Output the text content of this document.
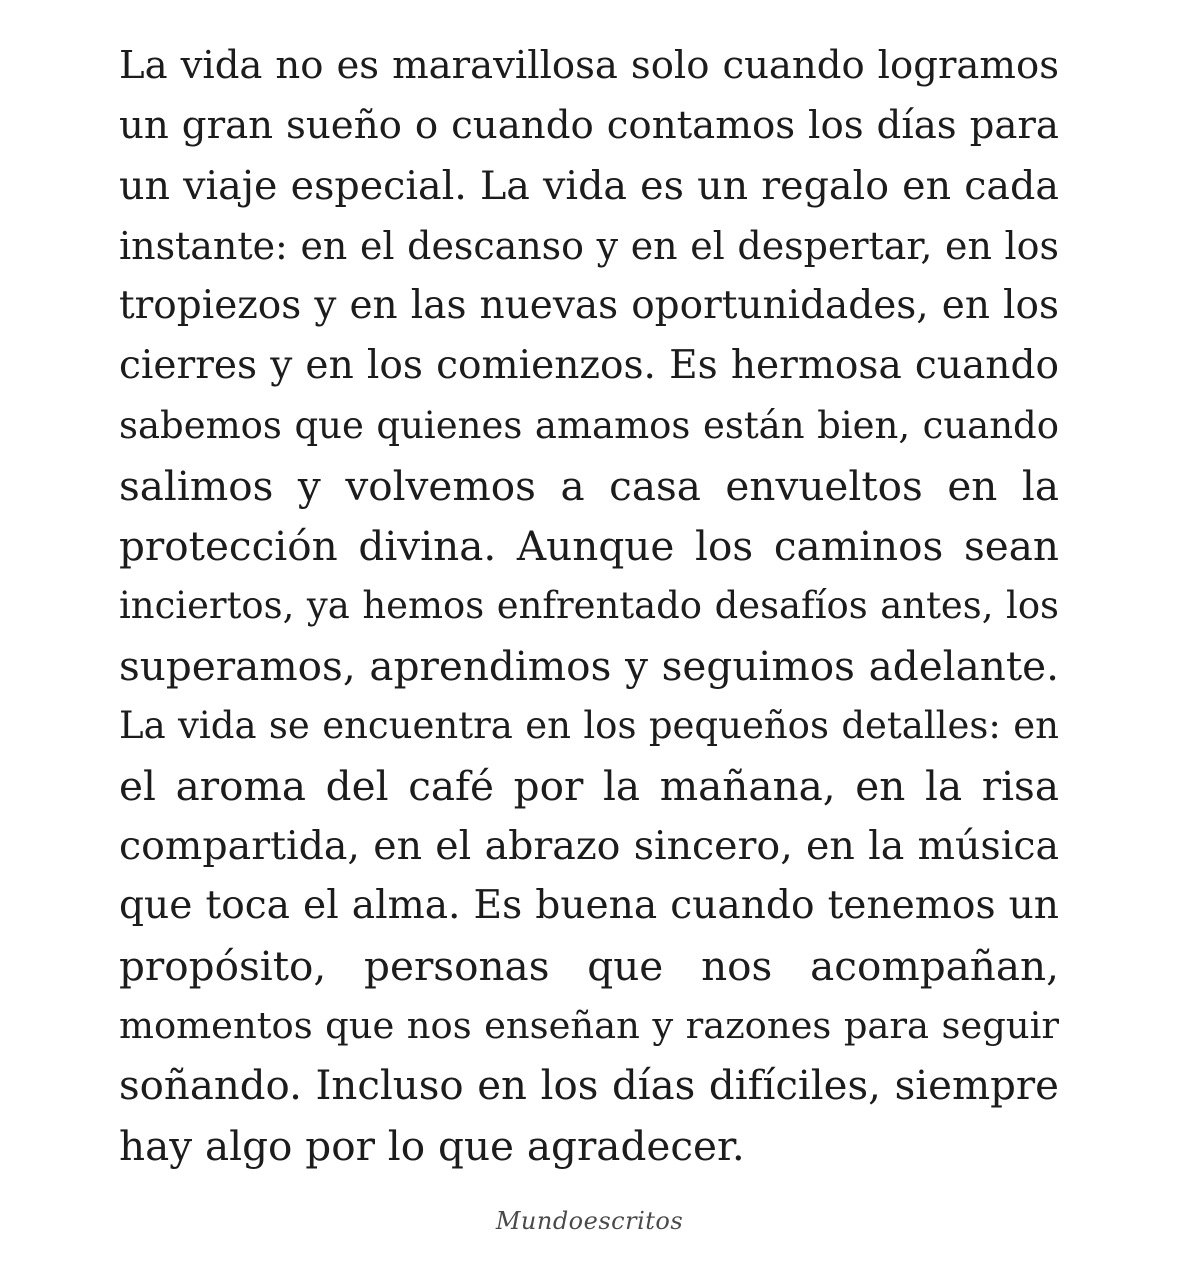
La vida no es maravillosa solo cuando logramos
un gran sueño o cuando contamos los días para
un viaje especial. La vida es un regalo en cada
instante: en el descanso y en el despertar, en los
tropiezos y en las nuevas oportunidades, en los
cierres y en los comienzos. Es hermosa cuando
sabemos que quienes amamos están bien, cuando
salimos y volvemos a casa envueltos en la
protección divina. Aunque los caminos sean
inciertos, ya hemos enfrentado desafíos antes, los
superamos, aprendimos y seguimos adelante.
La vida se encuentra en los pequeños detalles: en
el aroma del café por la mañana, en la risa
compartida, en el abrazo sincero, en la música
que toca el alma. Es buena cuando tenemos un
propósito, personas que nos acompañan,
momentos que nos enseñan y razones para seguir
soñando. Incluso en los días difíciles, siempre
hay algo por lo que agradecer.
Mundoescritos
